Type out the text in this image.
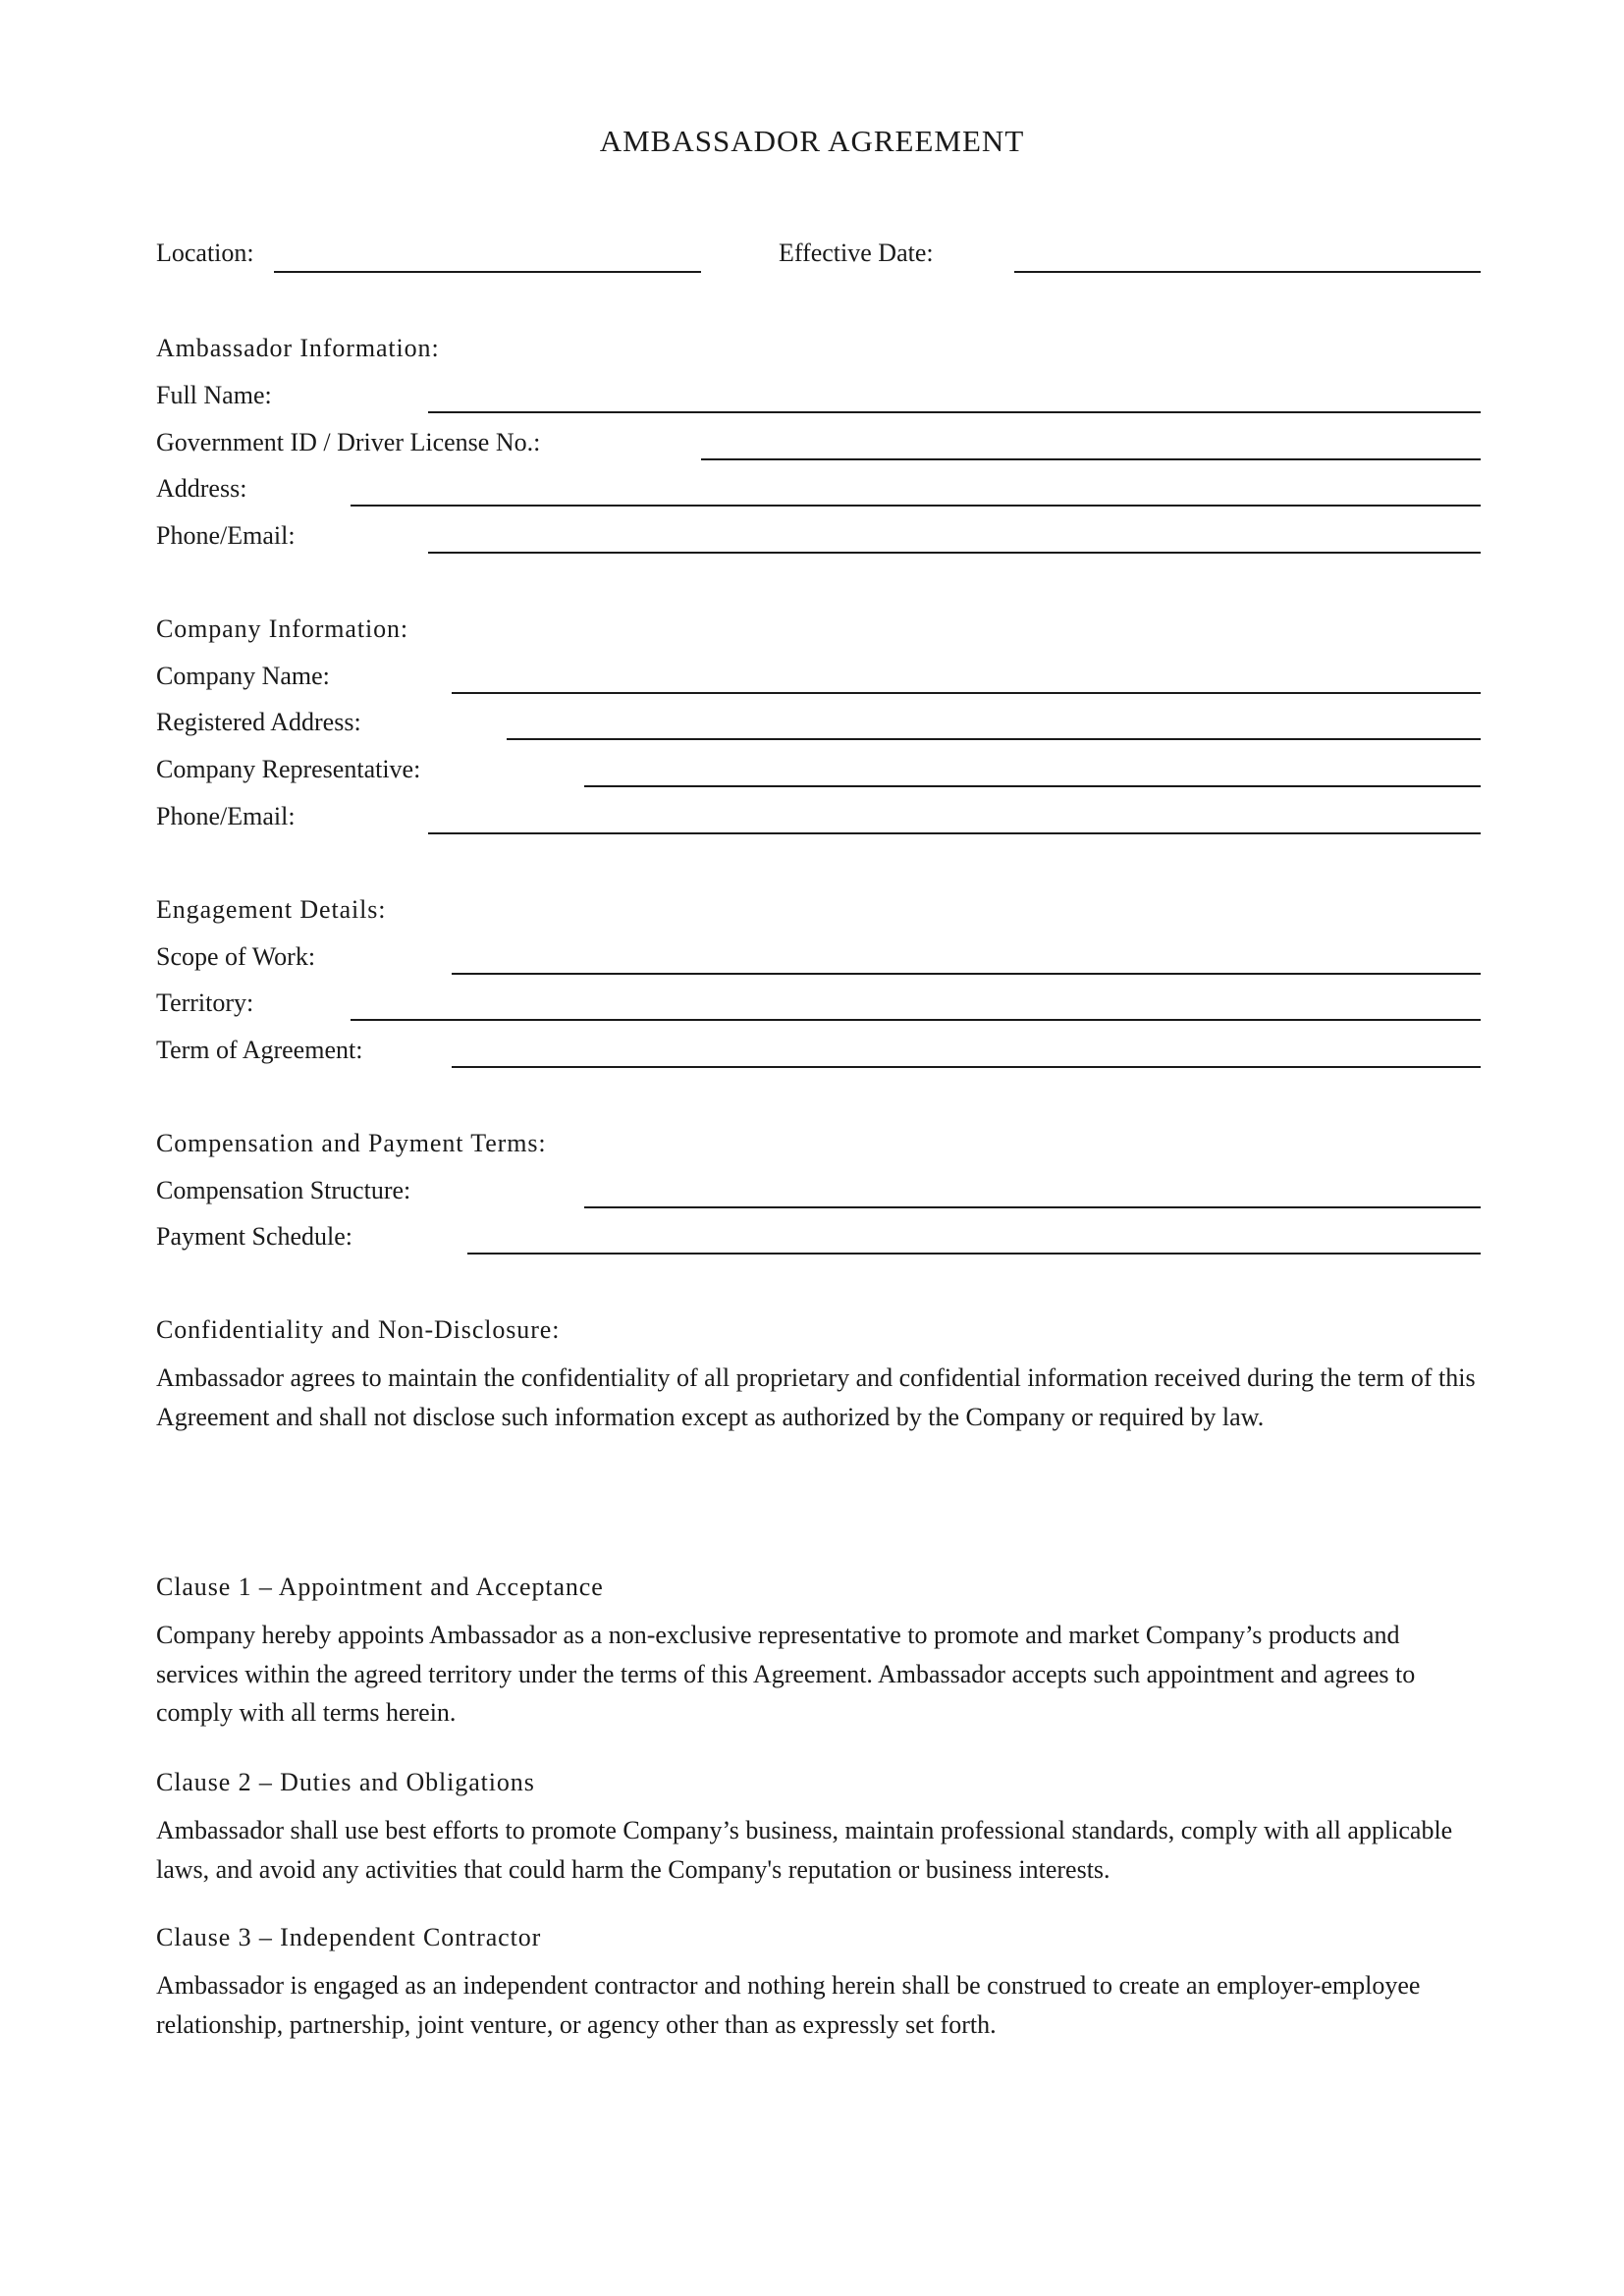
AMBASSADOR AGREEMENT
Location:	Effective Date:
Ambassador Information:
Full Name:
Government ID / Driver License No.:
Address:
Phone/Email:
Company Information:
Company Name:
Registered Address:
Company Representative:
Phone/Email:
Engagement Details:
Scope of Work:
Territory:
Term of Agreement:
Compensation and Payment Terms:
Compensation Structure:
Payment Schedule:
Confidentiality and Non-Disclosure:
Ambassador agrees to maintain the confidentiality of all proprietary and confidential information received during the term of this Agreement and shall not disclose such information except as authorized by the Company or required by law.
Clause 1 – Appointment and Acceptance
Company hereby appoints Ambassador as a non-exclusive representative to promote and market Company’s products and services within the agreed territory under the terms of this Agreement. Ambassador accepts such appointment and agrees to comply with all terms herein.
Clause 2 – Duties and Obligations
Ambassador shall use best efforts to promote Company’s business, maintain professional standards, comply with all applicable laws, and avoid any activities that could harm the Company's reputation or business interests.
Clause 3 – Independent Contractor
Ambassador is engaged as an independent contractor and nothing herein shall be construed to create an employer-employee relationship, partnership, joint venture, or agency other than as expressly set forth.
